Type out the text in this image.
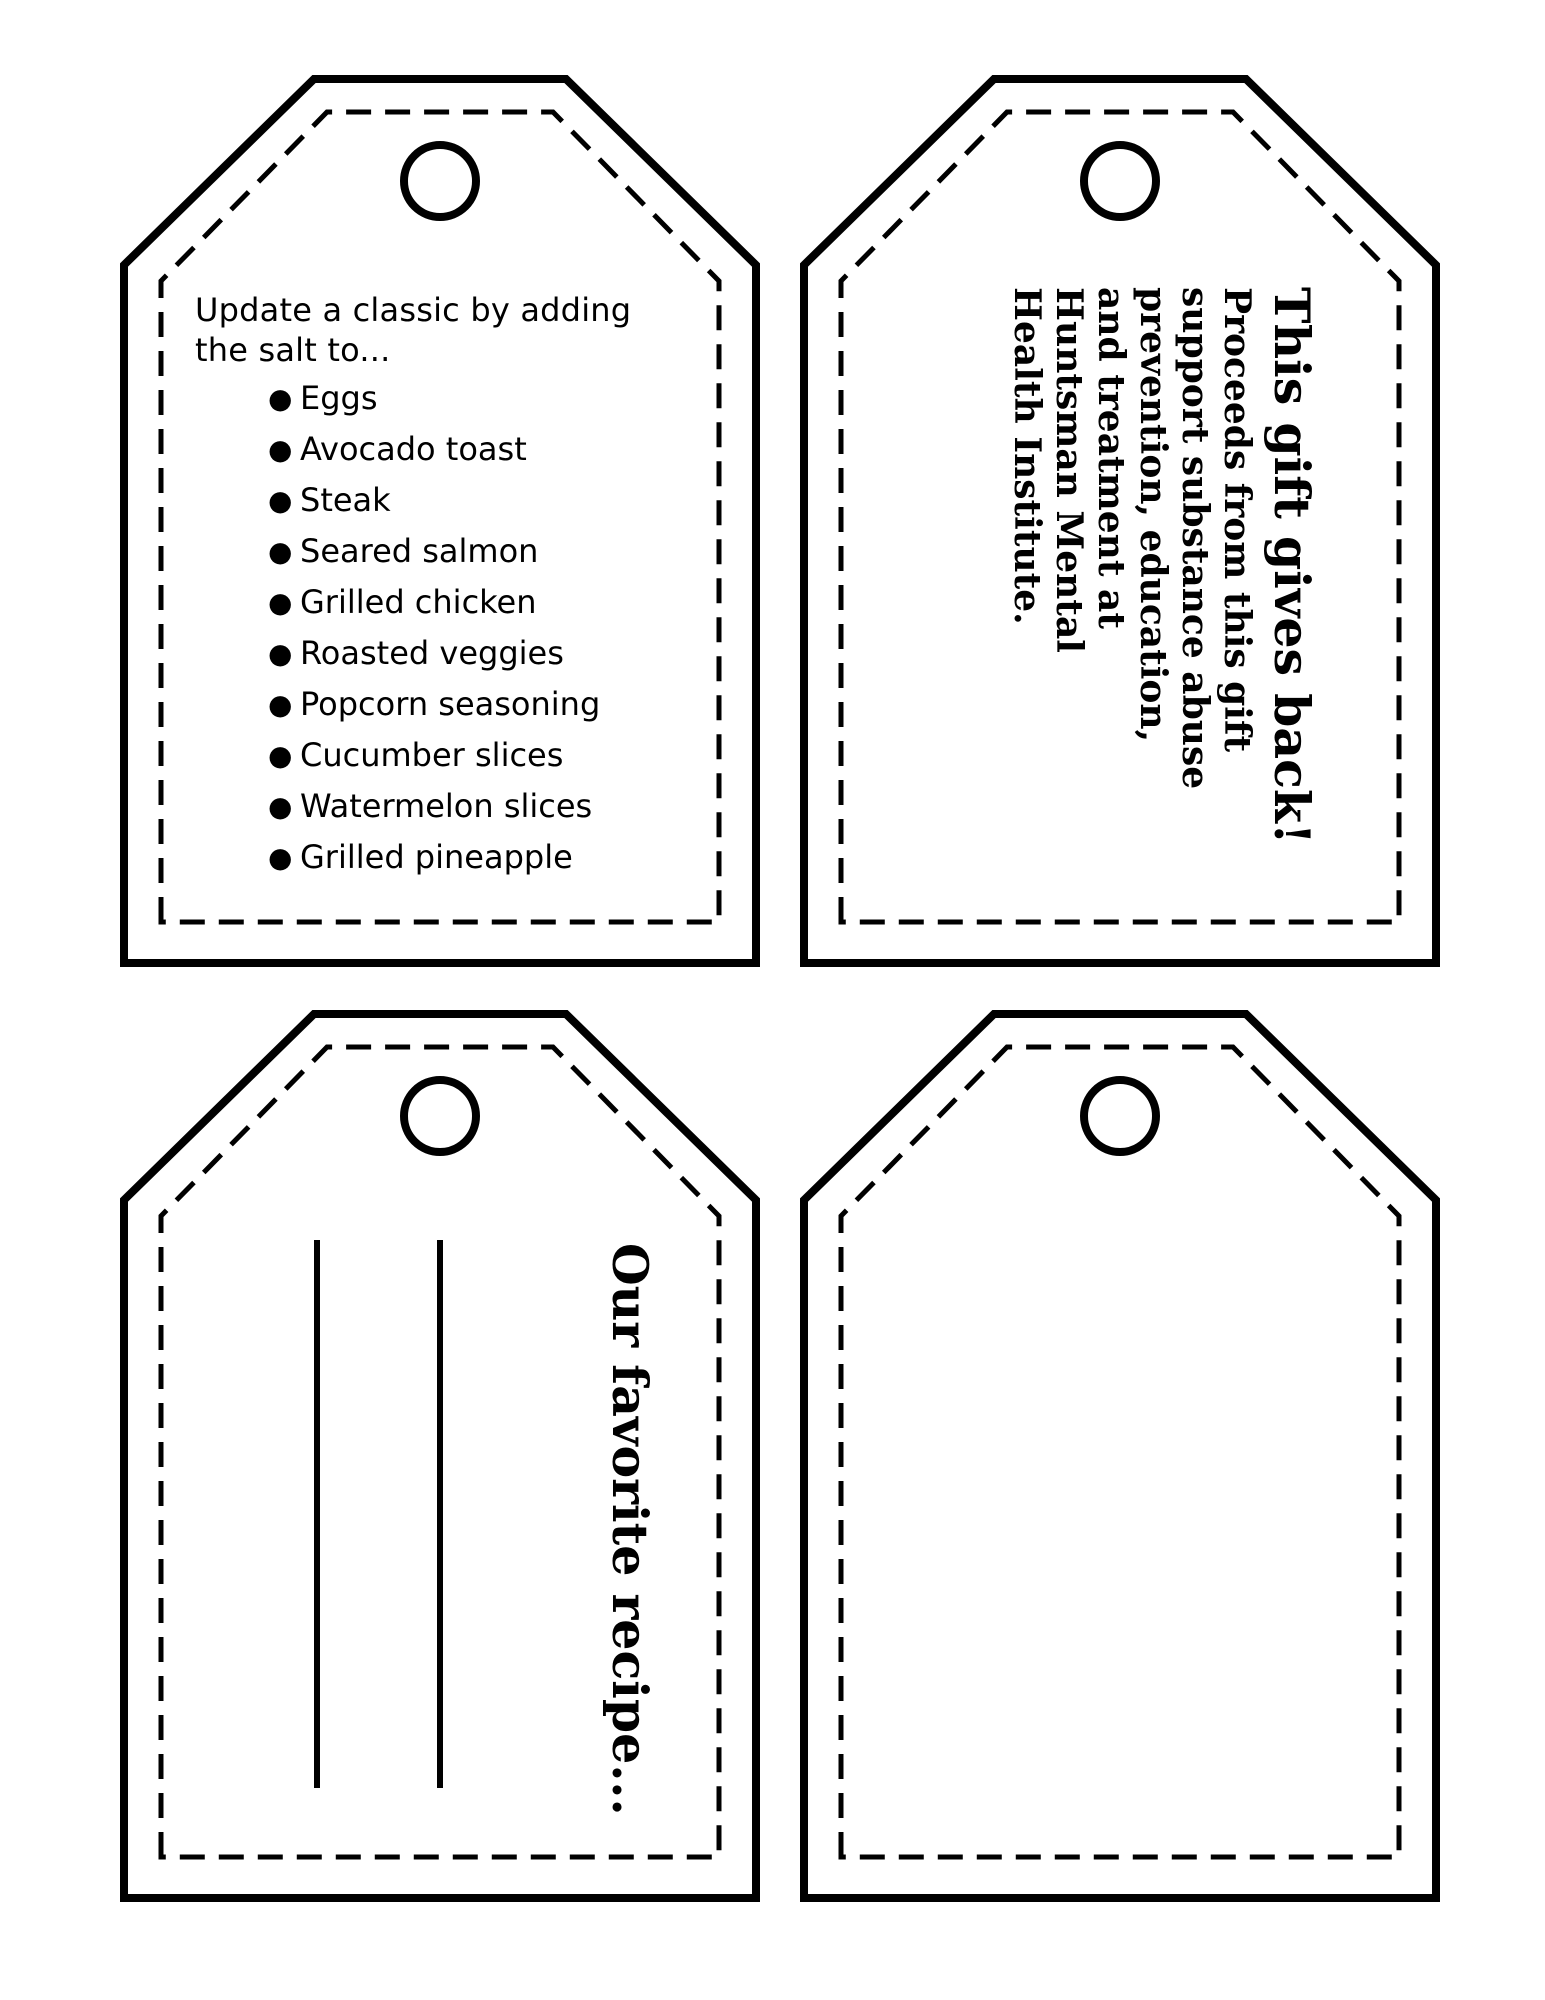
Update a classic by adding
the salt to...
● Eggs
● Avocado toast
● Steak
● Seared salmon
● Grilled chicken
● Roasted veggies
● Popcorn seasoning
● Cucumber slices
● Watermelon slices
● Grilled pineapple
This gift gives back!
Proceeds from this gift
support substance abuse
prevention, education,
and treatment at
Huntsman Mental
Health Institute.
Our favorite recipe...
